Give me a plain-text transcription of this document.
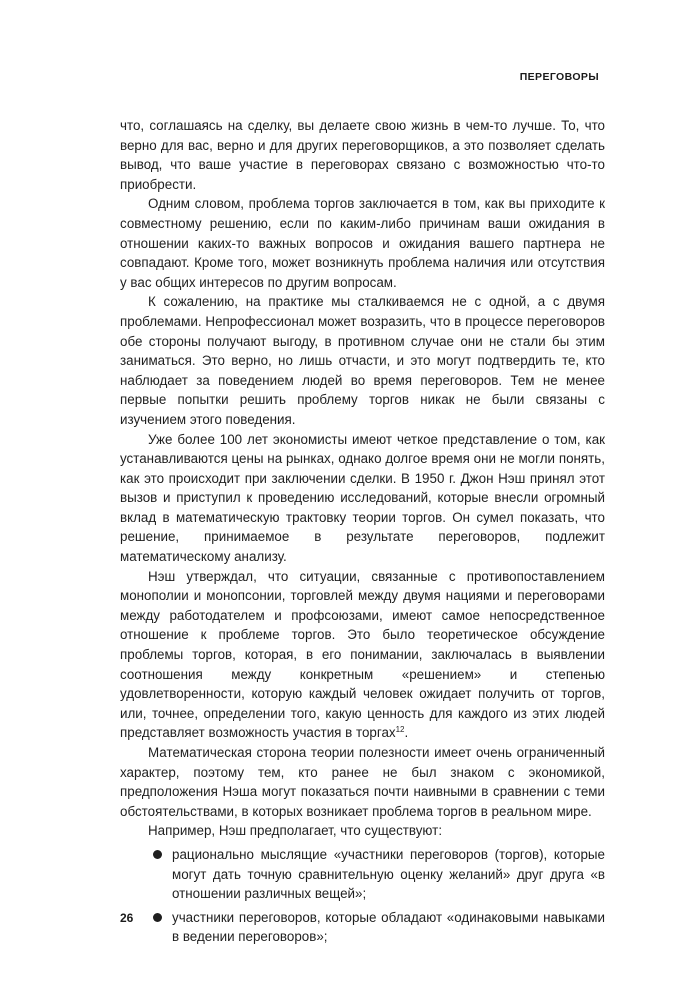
ПЕРЕГОВОРЫ

что, соглашаясь на сделку, вы делаете свою жизнь в чем-то лучше. То, что верно для вас, верно и для других переговорщиков, а это позволяет сделать вывод, что ваше участие в переговорах связано с возможностью что-то приобрести.

Одним словом, проблема торгов заключается в том, как вы приходите к совместному решению, если по каким-либо причинам ваши ожидания в отношении каких-то важных вопросов и ожидания вашего партнера не совпадают. Кроме того, может возникнуть проблема наличия или отсутствия у вас общих интересов по другим вопросам.

К сожалению, на практике мы сталкиваемся не с одной, а с двумя проблемами. Непрофессионал может возразить, что в процессе переговоров обе стороны получают выгоду, в противном случае они не стали бы этим заниматься. Это верно, но лишь отчасти, и это могут подтвердить те, кто наблюдает за поведением людей во время переговоров. Тем не менее первые попытки решить проблему торгов никак не были связаны с изучением этого поведения.

Уже более 100 лет экономисты имеют четкое представление о том, как устанавливаются цены на рынках, однако долгое время они не могли понять, как это происходит при заключении сделки. В 1950 г. Джон Нэш принял этот вызов и приступил к проведению исследований, которые внесли огромный вклад в математическую трактовку теории торгов. Он сумел показать, что решение, принимаемое в результате переговоров, подлежит математическому анализу.

Нэш утверждал, что ситуации, связанные с противопоставлением монополии и монопсонии, торговлей между двумя нациями и переговорами между работодателем и профсоюзами, имеют самое непосредственное отношение к проблеме торгов. Это было теоретическое обсуждение проблемы торгов, которая, в его понимании, заключалась в выявлении соотношения между конкретным «решением» и степенью удовлетворенности, которую каждый человек ожидает получить от торгов, или, точнее, определении того, какую ценность для каждого из этих людей представляет возможность участия в торгах$^{12}$.

Математическая сторона теории полезности имеет очень ограниченный характер, поэтому тем, кто ранее не был знаком с экономикой, предположения Нэша могут показаться почти наивными в сравнении с теми обстоятельствами, в которых возникает проблема торгов в реальном мире.

Например, Нэш предполагает, что существуют:

рационально мыслящие «участники переговоров (торгов), которые могут дать точную сравнительную оценку желаний» друг друга «в отношении различных вещей»;
участники переговоров, которые обладают «одинаковыми навыками в ведении переговоров»;
26
